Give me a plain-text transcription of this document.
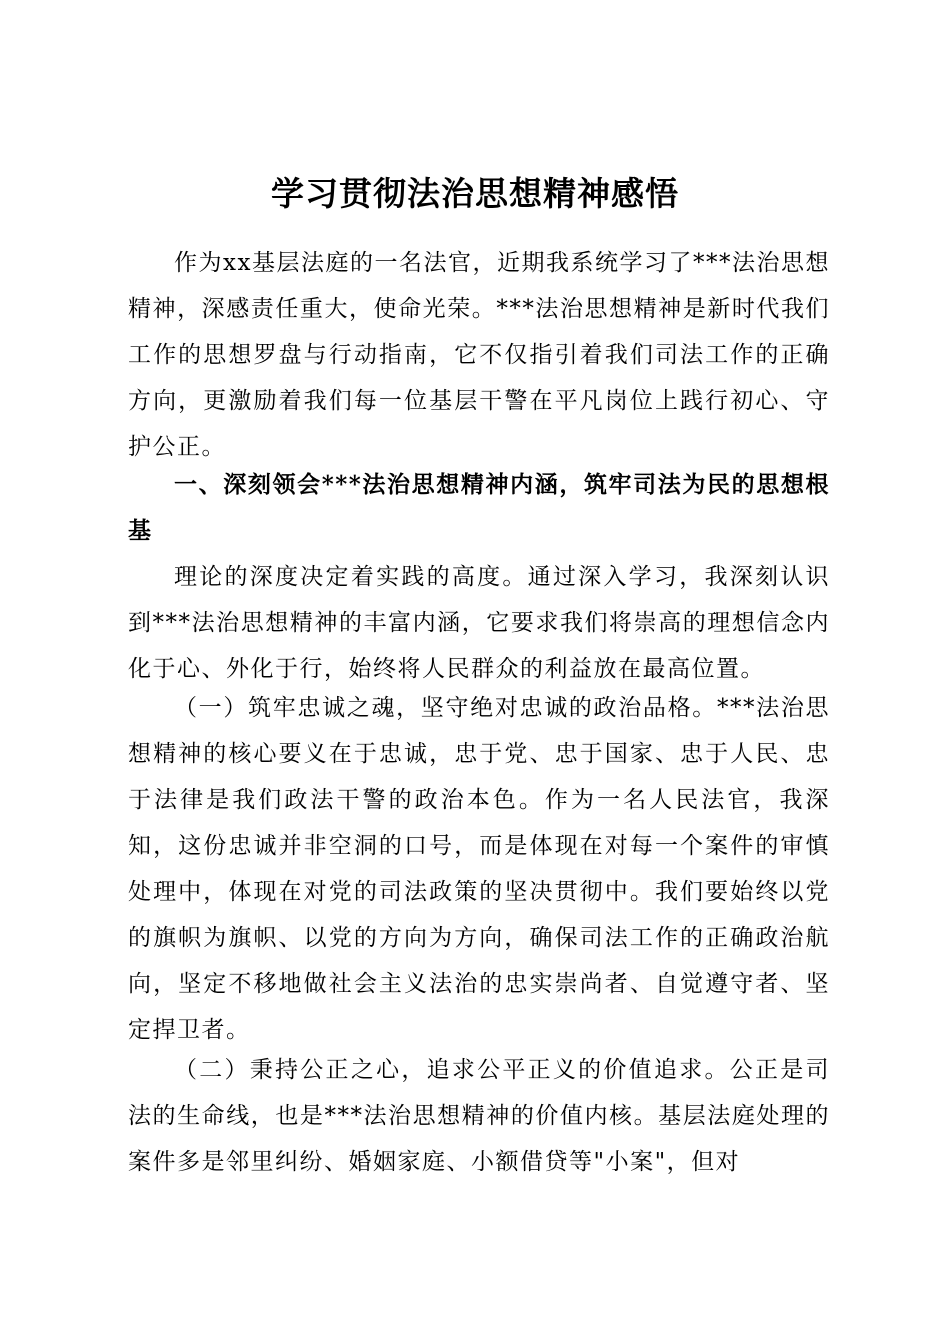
学习贯彻法治思想精神感悟
作为xx基层法庭的一名法官，近期我系统学习了***法治思想精神，深感责任重大，使命光荣。***法治思想精神是新时代我们工作的思想罗盘与行动指南，它不仅指引着我们司法工作的正确方向，更激励着我们每一位基层干警在平凡岗位上践行初心、守护公正。
一、深刻领会***法治思想精神内涵，筑牢司法为民的思想根基
理论的深度决定着实践的高度。通过深入学习，我深刻认识到***法治思想精神的丰富内涵，它要求我们将崇高的理想信念内化于心、外化于行，始终将人民群众的利益放在最高位置。
（一）筑牢忠诚之魂，坚守绝对忠诚的政治品格。***法治思想精神的核心要义在于忠诚，忠于党、忠于国家、忠于人民、忠于法律是我们政法干警的政治本色。作为一名人民法官，我深知，这份忠诚并非空洞的口号，而是体现在对每一个案件的审慎处理中，体现在对党的司法政策的坚决贯彻中。我们要始终以党的旗帜为旗帜、以党的方向为方向，确保司法工作的正确政治航向，坚定不移地做社会主义法治的忠实崇尚者、自觉遵守者、坚定捍卫者。
（二）秉持公正之心，追求公平正义的价值追求。公正是司法的生命线，也是***法治思想精神的价值内核。基层法庭处理的案件多是邻里纠纷、婚姻家庭、小额借贷等"小案"，但对
